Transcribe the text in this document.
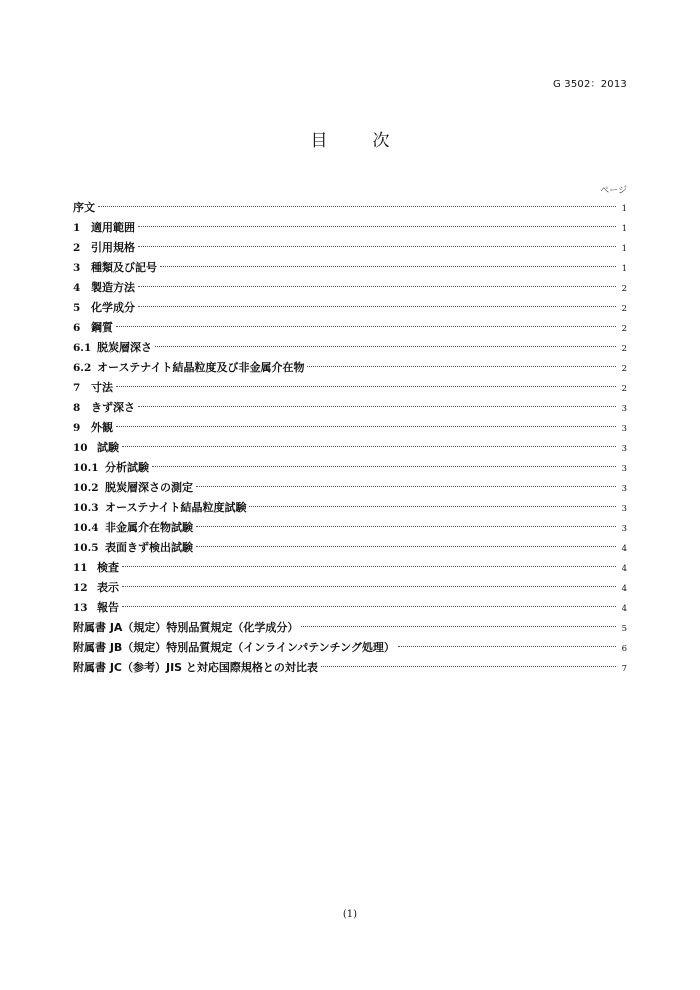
G 3502：2013
目　次
ページ
序文	1
1 適用範囲	1
2 引用規格	1
3 種類及び記号	1
4 製造方法	2
5 化学成分	2
6 鋼質	2
6.1 脱炭層深さ	2
6.2 オーステナイト結晶粒度及び非金属介在物	2
7 寸法	2
8 きず深さ	3
9 外観	3
10 試験	3
10.1 分析試験	3
10.2 脱炭層深さの測定	3
10.3 オーステナイト結晶粒度試験	3
10.4 非金属介在物試験	3
10.5 表面きず検出試験	4
11 検査	4
12 表示	4
13 報告	4
附属書 JA（規定）特別品質規定（化学成分）	5
附属書 JB（規定）特別品質規定（インラインパテンチング処理）	6
附属書 JC（参考）JIS と対応国際規格との対比表	7
(1)
